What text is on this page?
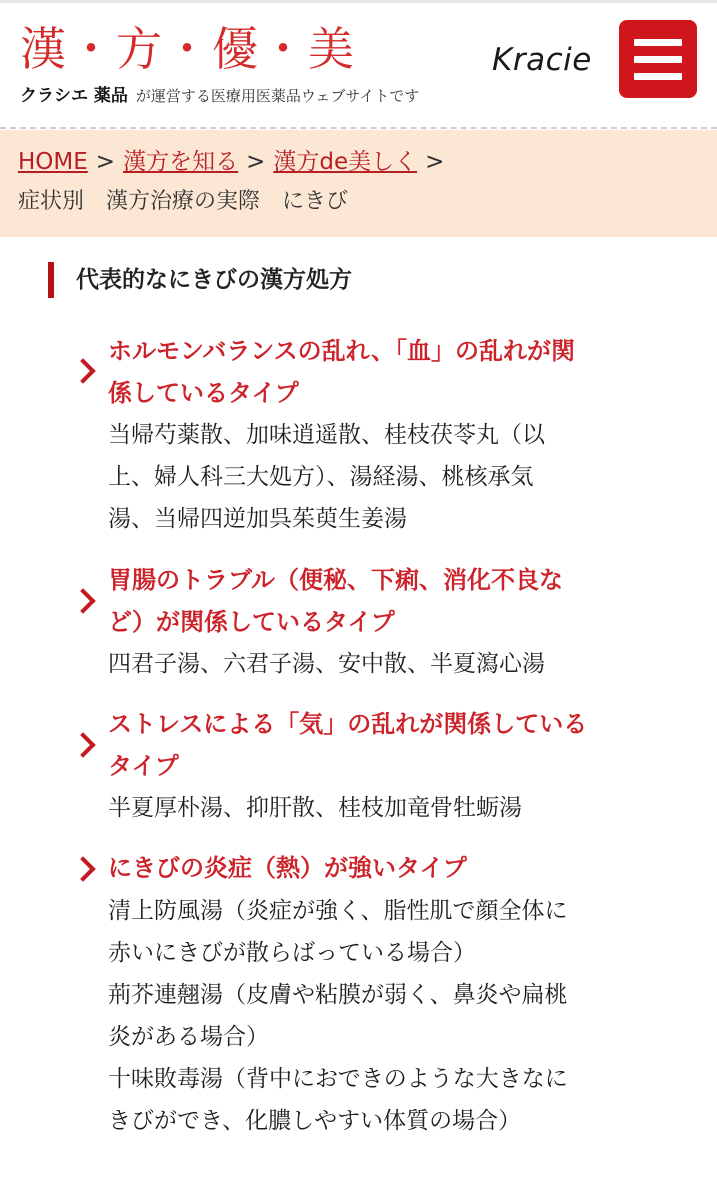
漢・方・優・美
クラシエ 薬品 が運営する医療用医薬品ウェブサイトです
Kracie
HOME > 漢方を知る > 漢方de美しく >
症状別　漢方治療の実際　にきび
代表的なにきびの漢方処方
ホルモンバランスの乱れ、「血」の乱れが関
係しているタイプ
当帰芍薬散、加味逍遥散、桂枝茯苓丸（以
上、婦人科三大処方）、湯経湯、桃核承気
湯、当帰四逆加呉茱萸生姜湯
胃腸のトラブル（便秘、下痢、消化不良な
ど）が関係しているタイプ
四君子湯、六君子湯、安中散、半夏瀉心湯
ストレスによる「気」の乱れが関係している
タイプ
半夏厚朴湯、抑肝散、桂枝加竜骨牡蛎湯
にきびの炎症（熱）が強いタイプ
清上防風湯（炎症が強く、脂性肌で顔全体に
赤いにきびが散らばっている場合）
荊芥連翹湯（皮膚や粘膜が弱く、鼻炎や扁桃
炎がある場合）
十味敗毒湯（背中におできのような大きなに
きびができ、化膿しやすい体質の場合）
